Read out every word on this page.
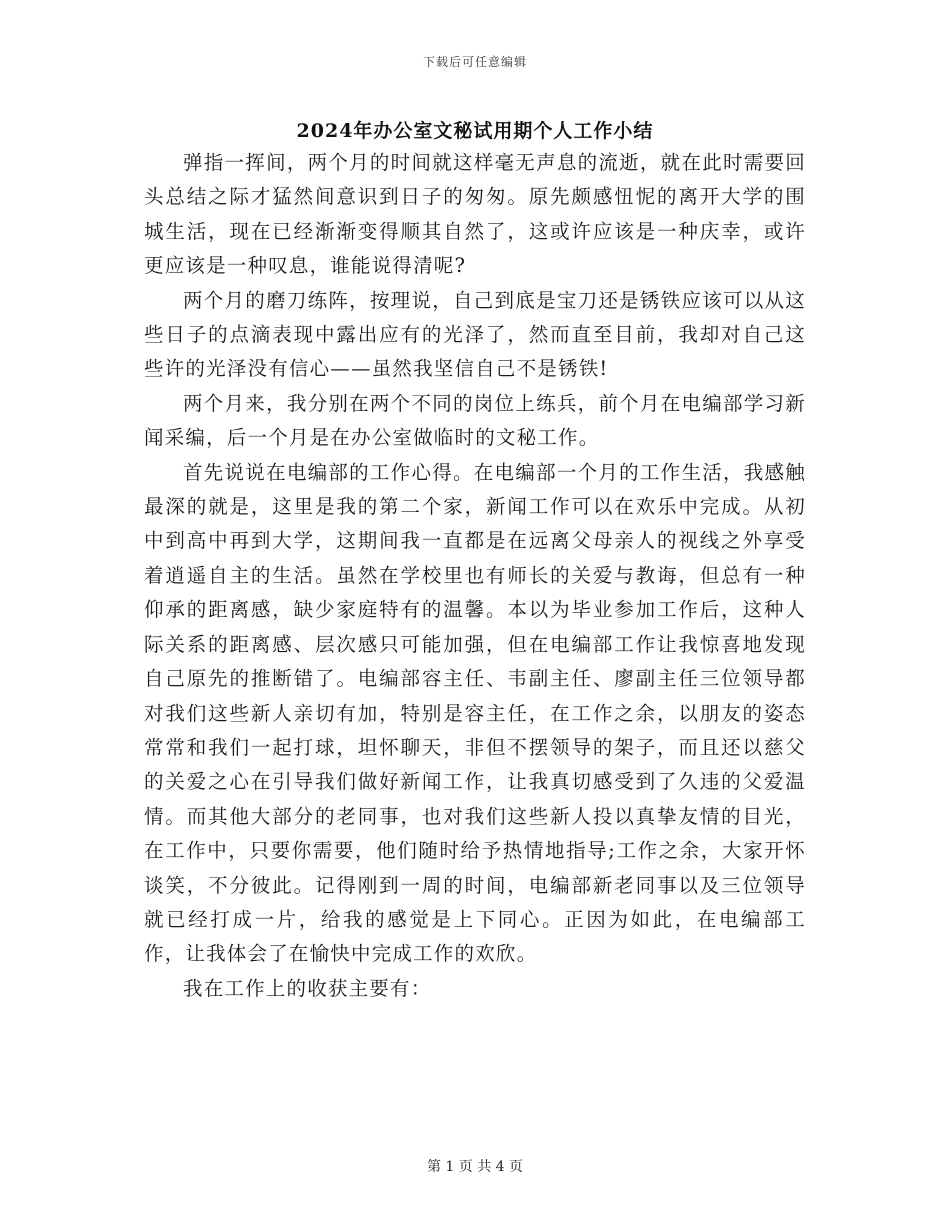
下载后可任意编辑
2024年办公室文秘试用期个人工作小结

弹指一挥间，两个月的时间就这样毫无声息的流逝，就在此时需要回头总结之际才猛然间意识到日子的匆匆。原先颇感忸怩的离开大学的围城生活，现在已经渐渐变得顺其自然了，这或许应该是一种庆幸，或许更应该是一种叹息，谁能说得清呢?

两个月的磨刀练阵，按理说，自己到底是宝刀还是锈铁应该可以从这些日子的点滴表现中露出应有的光泽了，然而直至目前，我却对自己这些许的光泽没有信心——虽然我坚信自己不是锈铁!

两个月来，我分别在两个不同的岗位上练兵，前个月在电编部学习新闻采编，后一个月是在办公室做临时的文秘工作。

首先说说在电编部的工作心得。在电编部一个月的工作生活，我感触最深的就是，这里是我的第二个家，新闻工作可以在欢乐中完成。从初中到高中再到大学，这期间我一直都是在远离父母亲人的视线之外享受着逍遥自主的生活。虽然在学校里也有师长的关爱与教诲，但总有一种仰承的距离感，缺少家庭特有的温馨。本以为毕业参加工作后，这种人际关系的距离感、层次感只可能加强，但在电编部工作让我惊喜地发现自己原先的推断错了。电编部容主任、韦副主任、廖副主任三位领导都对我们这些新人亲切有加，特别是容主任，在工作之余，以朋友的姿态常常和我们一起打球，坦怀聊天，非但不摆领导的架子，而且还以慈父的关爱之心在引导我们做好新闻工作，让我真切感受到了久违的父爱温情。而其他大部分的老同事，也对我们这些新人投以真挚友情的目光，在工作中，只要你需要，他们随时给予热情地指导;工作之余，大家开怀谈笑，不分彼此。记得刚到一周的时间，电编部新老同事以及三位领导就已经打成一片，给我的感觉是上下同心。正因为如此，在电编部工作，让我体会了在愉快中完成工作的欢欣。

我在工作上的收获主要有：

第 1 页 共 4 页
